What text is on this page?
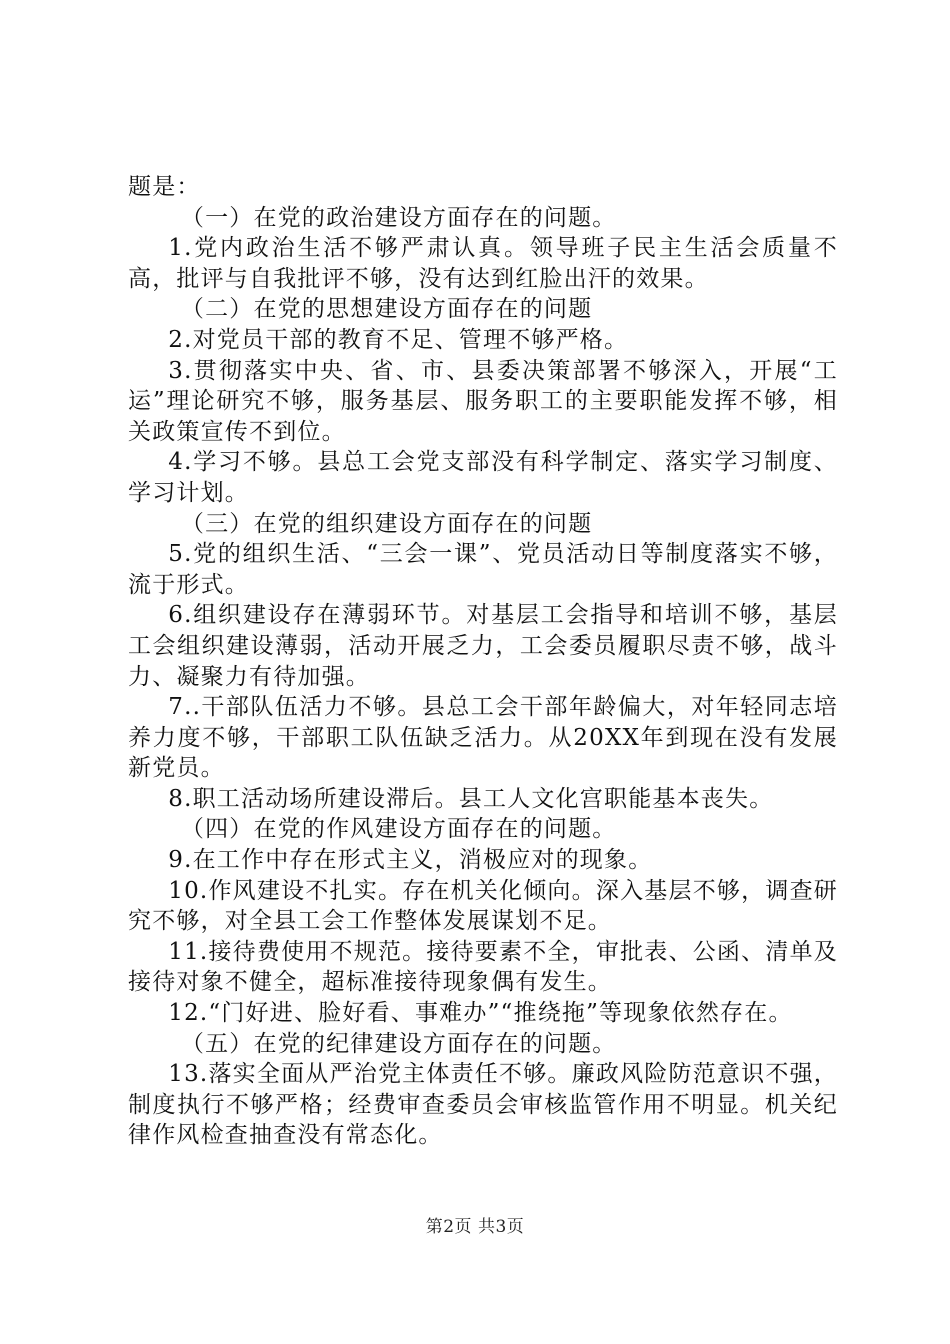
题是：

（一）在党的政治建设方面存在的问题。

1.党内政治生活不够严肃认真。领导班子民主生活会质量不高，批评与自我批评不够，没有达到红脸出汗的效果。

（二）在党的思想建设方面存在的问题

2.对党员干部的教育不足、管理不够严格。

3.贯彻落实中央、省、市、县委决策部署不够深入，开展“工运”理论研究不够，服务基层、服务职工的主要职能发挥不够，相关政策宣传不到位。

4.学习不够。县总工会党支部没有科学制定、落实学习制度、学习计划。

（三）在党的组织建设方面存在的问题

5.党的组织生活、“三会一课”、党员活动日等制度落实不够，流于形式。

6.组织建设存在薄弱环节。对基层工会指导和培训不够，基层工会组织建设薄弱，活动开展乏力，工会委员履职尽责不够，战斗力、凝聚力有待加强。

7..干部队伍活力不够。县总工会干部年龄偏大，对年轻同志培养力度不够，干部职工队伍缺乏活力。从20XX年到现在没有发展新党员。

8.职工活动场所建设滞后。县工人文化宫职能基本丧失。

（四）在党的作风建设方面存在的问题。

9.在工作中存在形式主义，消极应对的现象。

10.作风建设不扎实。存在机关化倾向。深入基层不够，调查研究不够，对全县工会工作整体发展谋划不足。

11.接待费使用不规范。接待要素不全，审批表、公函、清单及接待对象不健全，超标准接待现象偶有发生。

12.“门好进、脸好看、事难办”“推绕拖”等现象依然存在。

（五）在党的纪律建设方面存在的问题。

13.落实全面从严治党主体责任不够。廉政风险防范意识不强，制度执行不够严格；经费审查委员会审核监管作用不明显。机关纪律作风检查抽查没有常态化。

第2页 共3页
